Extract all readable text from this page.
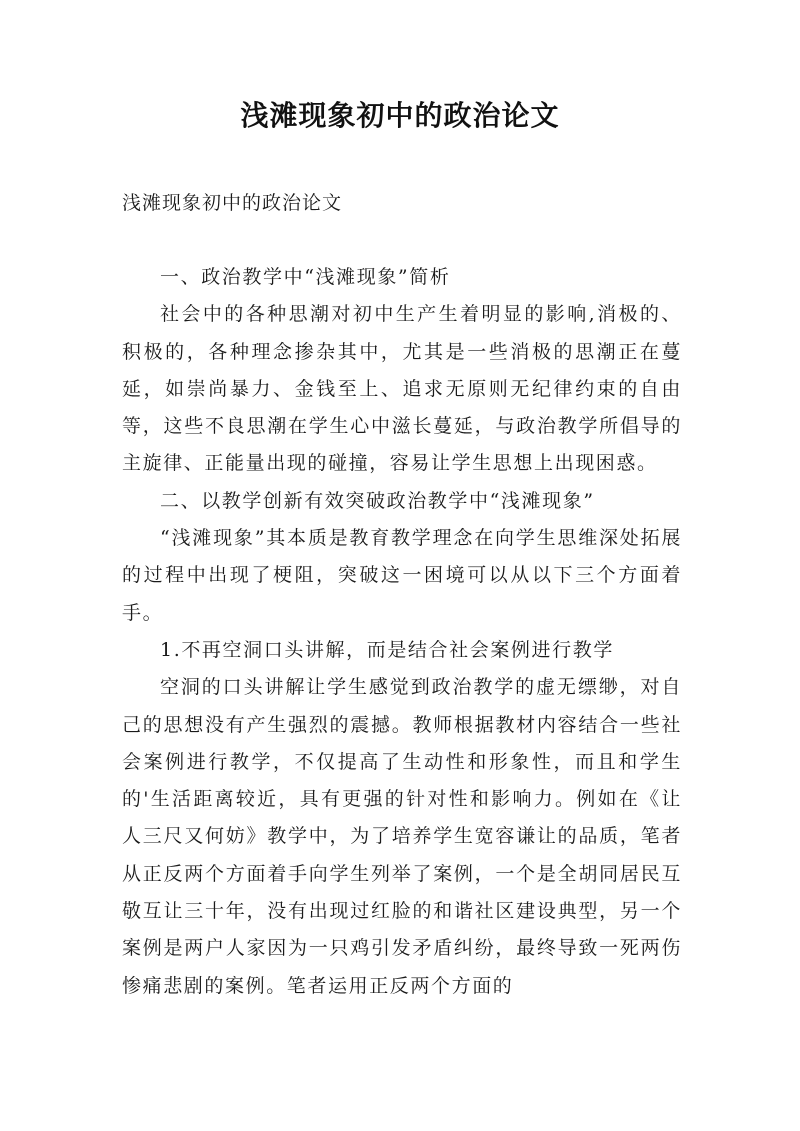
浅滩现象初中的政治论文
浅滩现象初中的政治论文

一、政治教学中“浅滩现象”简析

社会中的各种思潮对初中生产生着明显的影响,消极的、积极的，各种理念掺杂其中，尤其是一些消极的思潮正在蔓延，如崇尚暴力、金钱至上、追求无原则无纪律约束的自由等，这些不良思潮在学生心中滋长蔓延，与政治教学所倡导的主旋律、正能量出现的碰撞，容易让学生思想上出现困惑。

二、以教学创新有效突破政治教学中“浅滩现象”

“浅滩现象”其本质是教育教学理念在向学生思维深处拓展的过程中出现了梗阻，突破这一困境可以从以下三个方面着手。

1.不再空洞口头讲解，而是结合社会案例进行教学

空洞的口头讲解让学生感觉到政治教学的虚无缥缈，对自己的思想没有产生强烈的震撼。教师根据教材内容结合一些社会案例进行教学，不仅提高了生动性和形象性，而且和学生的'生活距离较近，具有更强的针对性和影响力。例如在《让人三尺又何妨》教学中，为了培养学生宽容谦让的品质，笔者从正反两个方面着手向学生列举了案例，一个是全胡同居民互敬互让三十年，没有出现过红脸的和谐社区建设典型，另一个案例是两户人家因为一只鸡引发矛盾纠纷，最终导致一死两伤惨痛悲剧的案例。笔者运用正反两个方面的
